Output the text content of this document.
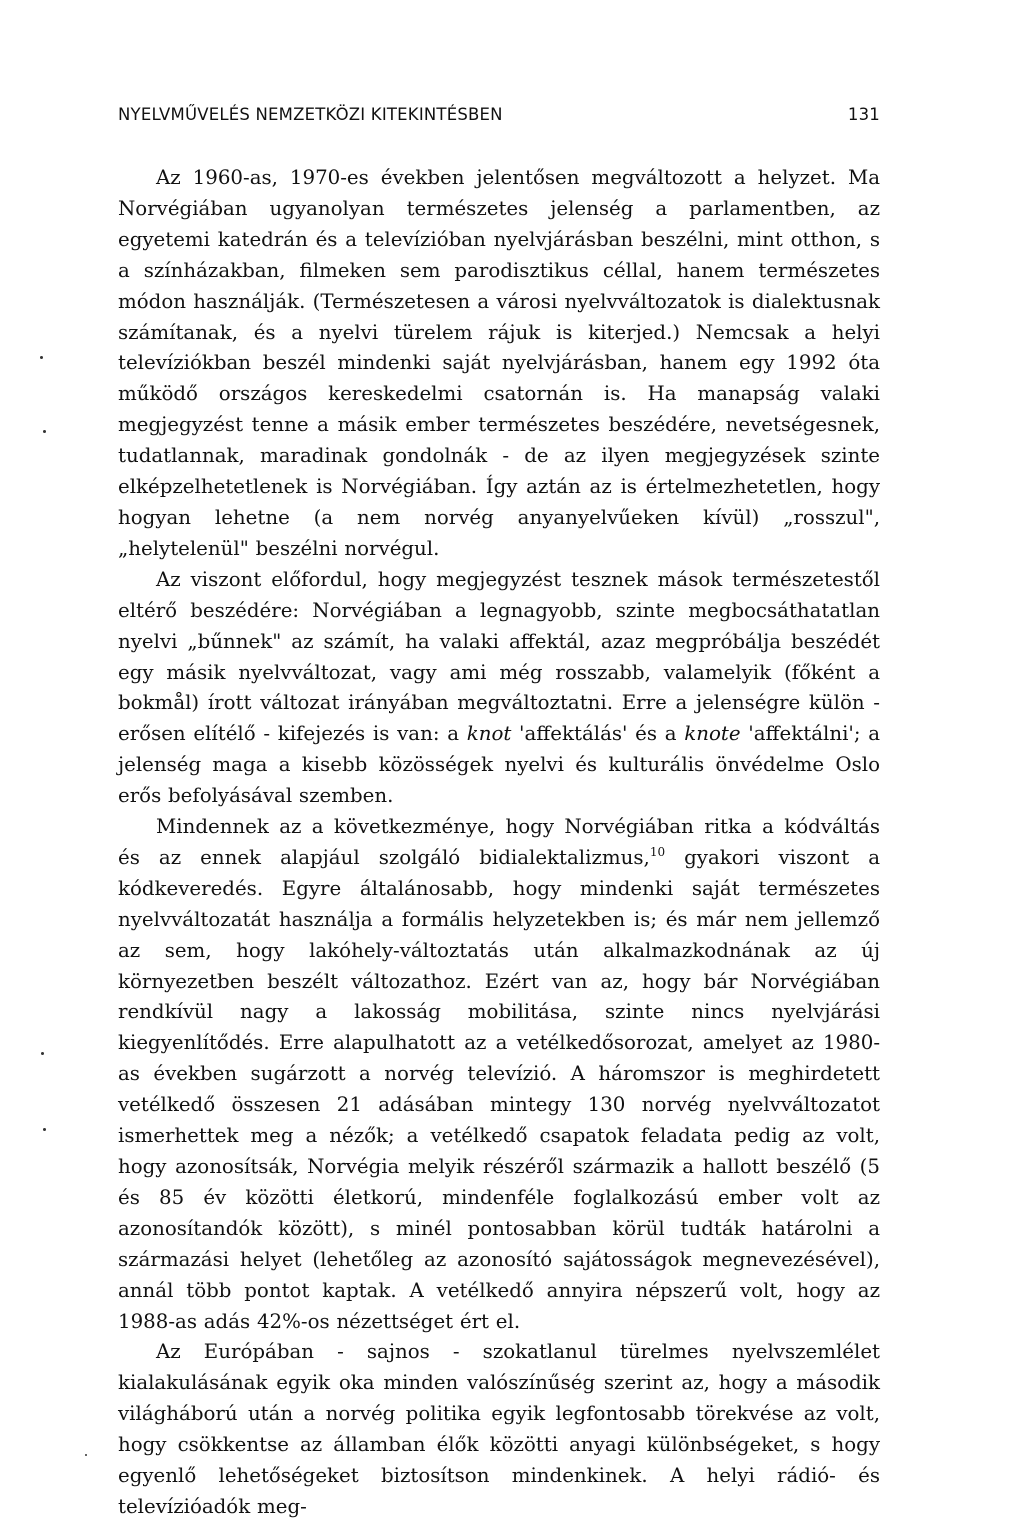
NYELVMŰVELÉS NEMZETKÖZI KITEKINTÉSBEN	131

Az 1960-as, 1970-es években jelentősen megváltozott a helyzet. Ma Norvégiában ugyanolyan természetes jelenség a parlamentben, az egyetemi katedrán és a televízióban nyelvjárásban beszélni, mint otthon, s a színházakban, filmeken sem parodisztikus céllal, hanem természetes módon használják. (Természetesen a városi nyelvváltozatok is dialektusnak számítanak, és a nyelvi türelem rájuk is kiterjed.) Nemcsak a helyi televíziókban beszél mindenki saját nyelvjárásban, hanem egy 1992 óta működő országos kereskedelmi csatornán is. Ha manapság valaki megjegyzést tenne a másik ember természetes beszédére, nevetségesnek, tudatlannak, maradinak gondolnák - de az ilyen megjegyzések szinte elképzelhetetlenek is Norvégiában. Így aztán az is értelmezhetetlen, hogy hogyan lehetne (a nem norvég anyanyelvűeken kívül) „rosszul", „helytelenül" beszélni norvégul.

Az viszont előfordul, hogy megjegyzést tesznek mások természetestől eltérő beszédére: Norvégiában a legnagyobb, szinte megbocsáthatatlan nyelvi „bűnnek" az számít, ha valaki affektál, azaz megpróbálja beszédét egy másik nyelvváltozat, vagy ami még rosszabb, valamelyik (főként a bokmål) írott változat irányában megváltoztatni. Erre a jelenségre külön - erősen elítélő - kifejezés is van: a knot 'affektálás' és a knote 'affektálni'; a jelenség maga a kisebb közösségek nyelvi és kulturális önvédelme Oslo erős befolyásával szemben.

Mindennek az a következménye, hogy Norvégiában ritka a kódváltás és az ennek alapjául szolgáló bidialektalizmus,$^{10}$ gyakori viszont a kódkeveredés. Egyre általánosabb, hogy mindenki saját természetes nyelvváltozatát használja a formális helyzetekben is; és már nem jellemző az sem, hogy lakóhely-változtatás után alkalmazkodnának az új környezetben beszélt változathoz. Ezért van az, hogy bár Norvégiában rendkívül nagy a lakosság mobilitása, szinte nincs nyelvjárási kiegyenlítődés. Erre alapulhatott az a vetélkedősorozat, amelyet az 1980-as években sugárzott a norvég televízió. A háromszor is meghirdetett vetélkedő összesen 21 adásában mintegy 130 norvég nyelvváltozatot ismerhettek meg a nézők; a vetélkedő csapatok feladata pedig az volt, hogy azonosítsák, Norvégia melyik részéről származik a hallott beszélő (5 és 85 év közötti életkorú, mindenféle foglalkozású ember volt az azonosítandók között), s minél pontosabban körül tudták határolni a származási helyet (lehetőleg az azonosító sajátosságok megnevezésével), annál több pontot kaptak. A vetélkedő annyira népszerű volt, hogy az 1988-as adás 42%-os nézettséget ért el.

Az Európában - sajnos - szokatlanul türelmes nyelvszemlélet kialakulásának egyik oka minden valószínűség szerint az, hogy a második világháború után a norvég politika egyik legfontosabb törekvése az volt, hogy csökkentse az államban élők közötti anyagi különbségeket, s hogy egyenlő lehetőségeket biztosítson mindenkinek. A helyi rádió- és televízióadók meg-
